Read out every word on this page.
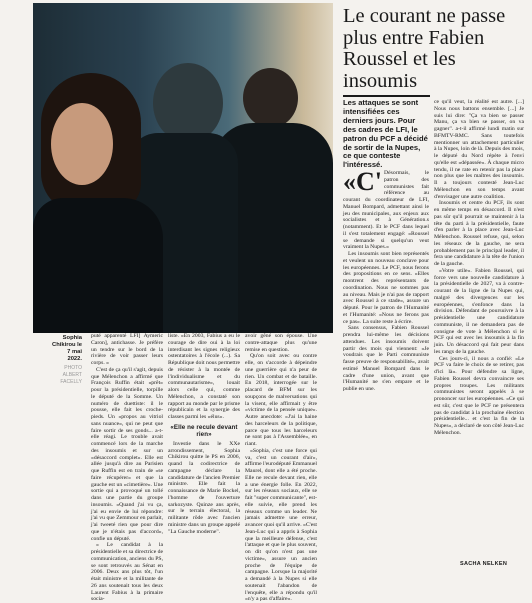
Sophia Chikirou le 7 mai 2022.
PHOTO ALBERT FACELLY
Le courant ne passe plus entre Fabien Roussel et les insoumis

Les attaques se sont intensifiées ces derniers jours. Pour des cadres de LFI, le patron du PCF a décidé de sortir de la Nupes, ce que conteste l'intéressé.

puté apparenté LFI] Aymeric Caron], antichasse. Je préfère un tendre sur le bord de la rivière de voir passer leurs corps. »

C'est de ça qu'il s'agit, depuis que Mélenchon a affirmé que François Ruffin était «prêt» pour la présidentielle, torpille le député de la Somme. Un numéro de duettiste: il le pousse, elle fait les croche-pieds. Un «propos au vitriol sans nuance», qui ne peut que faire sortir de ses gonds... a-t-elle réagi. Le trouble avait commencé lors de la marche des insoumis et sur un «désaccord complet». Elle est allée jusqu'à dire au Parisien que Ruffin est en train de «se faire récupérer» et que la gauche est un «cimetière». Une sortie qui a provoqué un tollé dans une partie du groupe insoumis. «Quand j'ai vu ça, j'ai eu envie de lui répondre: j'ai vu que Zemmour en parlait, j'ai tweeté rien que pour dire que je n'étais pas d'accord», confie un député.

« Le candidat à la présidentielle et sa directrice de communication, anciens du PS, se sont retrouvés au Sénat en 2006. Deux ans plus tôt, l'un était ministre et la militante de 26 ans soutenait tous les deux Laurent Fabius à la primaire socia-

liste. «En 2003, Fabius a eu le courage de dire oui à la loi interdisant les signes religieux ostentatoires à l'école (...). Sa République doit nous permettre de résister à la montée de l'individualisme et du communautarisme», louait alors celle qui, comme Mélenchon, a constaté son rapport au monde par le prisme républicain et la synergie des classes parmi les «élus».

«Elle ne recule devant rien»

Investie dans le XXe arrondissement, Sophia Chikirou quitte le PS en 2006, quand la codirectrice de campagne déclare la candidature de l'ancien Premier ministre. Elle fait la connaissance de Marie Bockel, l'homme de l'ouverture sarkozyste. Quinze ans après, sur le terrain électoral, la militante rôde avec l'ancien ministre dans un groupe appelé "La Gauche moderne".

avoir gêné son épouse. Une contre-attaque plus qu'une remise en question.

Qu'on soit avec ou contre elle, on s'accorde à dépeindre une guerrière qui n'a peur de rien. Un combat et de bataille. En 2018, interrogée sur le placard de BFM sur les soupçons de malversations qui la visent, elle affirmait y être «victime de la pensée unique». Autre anecdote: «J'ai la haine des harceleurs de la politique, parce que tous les harceleurs ne sont pas à l'Assemblée», en riant.

«Sophia, c'est une force qui va, c'est un courant d'air», affirme l'eurodéputé Emmanuel Maurel, dont elle a été proche. Elle ne recule devant rien, elle a une énergie folle. En 2022, sur les réseaux sociaux, elle se fait "super communicante", est-elle suivie, elle prend les réseaux comme un leader. Ne jamais admettre une erreur, avancer quoi qu'il arrive. «C'est Jean-Luc qui a appris à Sophia que la meilleure défense, c'est l'attaque et que le plus souvent, on dit qu'on n'est pas une victime», assure un ancien proche de l'équipe de campagne. Lorsque la majorité a demandé à la Nupes si elle soutenait l'abandon de l'enquête, elle a répondu qu'il «n'y a pas d'affaire».

«C' Désormais, le patron des communistes fait référence au courant du coordinateur de LFI, Manuel Bompard, admettant ainsi le jeu des municipales, aux enjeux aux socialistes et à Génération.s (notamment). Et le PCF dans lequel il s'est totalement engagé: «Roussel se demande si quelqu'un veut vraiment la Nupes.»

Les insoumis sont bien représentés et veulent un nouveau conclave pour les européennes. Le PCF, nous ferons des propositions en ce sens. «Elles montrent des représentants de coordination. Nous ne sommes pas au niveau. Mais je n'ai pas de rapport avec Roussel à ce stade», assure un député. Pour le patron de l'Humanité et l'Humanité: «Nous ne ferons pas ce pas». La suite reste à écrire.

Sans consensus, Fabien Roussel prendra lui-même les décisions attendues. Les insoumis doivent partir des mois qui viennent: «Je voudrais que le Parti communiste fasse preuve de responsabilité», avait estimé Manuel Bompard dans le cadre d'une union, avant que l'Humanité ne s'en empare et le publie en une.

ce qu'il veut, la réalité est autre. [...] Nous nous battons ensemble. [...] Je suis lui dire: "Ça va bien se passer Manu, ça va bien se passer, on va gagner". a-t-il affirmé lundi matin sur BFMTV-RMC. Sans toutefois mentionner un attachement particulier à la Nupes, loin de là. Depuis des mois, le député du Nord répète à l'envi qu'elle est «dépassée». À chaque micro tendu, il ne rate en retenir pas la place non plus que les maîtres des insoumis. Il a toujours contesté Jean-Luc Mélenchon en son temps avant d'envisager une autre coalition.

Insoumis et centre du PCF, ils sont en même temps en désaccord. Il n'est pas sûr qu'il pourrait se maintenir à la tête du parti à la présidentielle, faute d'en parler à la place avec Jean-Luc Mélenchon. Roussel refuse, qui, selon les réseaux de la gauche, ne sera probablement pas le principal leader, il fera une candidature à la tête de l'union de la gauche.

«Votre utile». Fabien Roussel, qui force vers une nouvelle candidature à la présidentielle de 2027, va à contre-courant de la ligne de la Nupes qui, malgré des divergences sur les européennes, s'enfonce dans la division. Défendant de poursuivre à la présidentielle une candidature communiste, il ne demandera pas de consigne de vote à Mélenchon si le PCF qui est avec les insoumis à la fin juin. Un désaccord qui fait peur dans les rangs de la gauche.

Ces jours-ci, il nous a confié: «Le PCF va faire le choix de se retirer, pas d'ici là». Pour défendre sa ligne, Fabien Roussel devra convaincre ses propres troupes. Les militants communistes seront appelés à se prononcer sur les européennes. «Ce qui est sûr, c'est que le PCF ne présentera pas de candidat à la prochaine élection présidentielle... et c'est la fin de la Nupes», a déclaré de son côté Jean-Luc Mélenchon.

SACHA NELKEN
